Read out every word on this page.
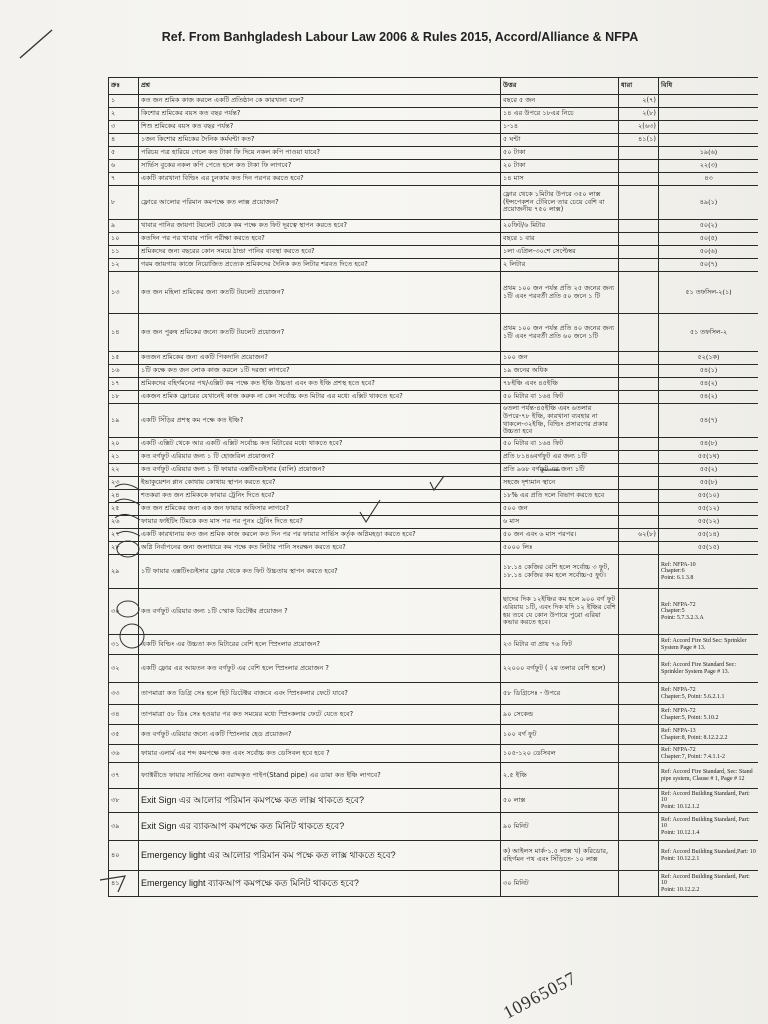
Ref. From Banhgladesh Labour Law 2006 & Rules 2015, Accord/Alliance & NFPA
ক্রঃ	প্রশ্ন	উত্তর	ধারা	বিধি
১	কত জন শ্রমিক কাজ করলে একটি প্রতিষ্ঠান কে কারখানা বলে?	বছরে ৫ জন	২(৭)	
২	কিশোর শ্রমিকের বয়স কত বছর পর্যন্ত?	১৪ এর উপরে ১৮এর নিচে	২(৮)	
৩	শিশু শ্রমিকের বয়স কত বছর পর্যন্ত?	১-১৪	২(৬৩)	
৪	১জন কিশোর শ্রমিকের দৈনিক কর্মঘন্টা কত?	৫ ঘন্টা	৪১(১)	
৫	পরিচয় পত্র হারিয়ে গেলে কত টাকা ফি দিয়ে নকল কপি পাওয়া যাবে?	৫০ টাকা		১৯(৬)
৬	সার্ভিস বুকের নকল কপি পেতে হলে কত টাকা ফি লাগবে?	২০ টাকা		২২(৩)
৭	একটি কারখানা বিল্ডিং এর চুনকাম কত দিন পরপর করতে হবে?	১৪ মাস		৪৩
৮	ফ্লোরে আলোর পরিমান কমপক্ষে কত লাক্স প্রয়োজন?	ফ্লোর থেকে ১মিটার উপরে ৩৫০ লাক্স (ইন্সপেকশন টেবিলে তার চেয়ে বেশি বা প্রয়োজনীয় ৭৫০ লাক্স)		৪৯(১)
৯	খাবার পানির জায়গা টয়লেট থেকে কম পক্ষে কত ফিট দূরত্বে স্থাপন করতে হবে?	২০ফিট/৬ মিটার		৫০(২)
১০	কতদিন পর পর খাবার পানি পরীক্ষা করতে হবে?	বছরে ১ বার		৫০(৫)
১১	শ্রমিকদের জন্য বছরের কোন সময়ে ঠান্ডা পানির ব্যবস্থা করতে হবে?	১লা এপ্রিল-৩০শে সেপ্টেম্বর		৫০(৬)
১২	গরম জায়গায় কাজে নিয়োজিত প্রত্যেক শ্রমিকদের দৈনিক কত লিটার শরবত দিতে হবে?	২ লিটার		৫০(৭)
১৩	কত জন মহিলা শ্রমিকের জন্য কতটি টয়লেট প্রয়োজন?	প্রথম ১০০ জন পর্যন্ত প্রতি ২৫ জনের জন্য ১টি এবং পরবর্তী প্রতি ৫০ জনে ১ টি		৫১ তফসিল-২(১)
১৪	কত জন পুরুষ শ্রমিকের জন্যে কতটি টয়লেট প্রয়োজন?	প্রথম ১০০ জন পর্যন্ত প্রতি ৪০ জনের জন্য ১টি এবং পরবর্তী প্রতি ৬০ জনে ১টি		৫১ তফসিল-২
১৫	কতজন শ্রমিকের জন্য একটি পিকদানি প্রয়োজন?	১০০ জন		৫২(১ক)
১৬	১টি কক্ষে কত জন লোক কাজ করলে ১টি দরজা লাগবে?	১৯ জনের অধিক		৫৪(১)
১৭	শ্রমিকদের বহির্গমনের পথ/এক্সিট কম পক্ষে কত ইঞ্চি উচ্চতা এবং কত ইঞ্চি প্রশস্থ হতে হবে?	৭৮ইঞ্চি এবং ৪৫ইঞ্চি		৫৪(২)
১৮	একজন শ্রমিক ফ্লোরের যেখানেই কাজ করুক না কেন সর্বোচ্চ কত মিটার এর মধ্যে এক্সিট থাকতে হবে?	৫০ মিটার বা ১৬৪ ফিট		৫৪(২)
১৯	একটি সিঁড়ির প্রশস্থ কম পক্ষে কত ইঞ্চি?	৬তলা পর্যন্ত-৪৫ইঞ্চি এবং ৬তলার উপরে-৭৮ ইঞ্চি, কারখানা ব্যবহার না থাকলে-৩২ইঞ্চি, বিল্ডিং প্রসারণের প্রকার উচ্চতা হবে		৫৪(৭)
২০	একটি এক্সিট থেকে আর একটি এক্সিট সর্বোচ্চ কত মিটারের মধ্যে থাকতে হবে?	৫০ মিটার বা ১৬৪ ফিট		৫৪(৮)
২১	কত বর্গফুট এরিয়ার জন্য ১ টি হোজরিল প্রয়োজন?	প্রতি ৮১৪৬বর্গফুট এর জন্য ১টি		৫৫(১ঘ)
২২	কত বর্গফুট এরিয়ার জন্য ১ টি ফায়ার এক্সটিংগুইসার (বালি) প্রয়োজন?	প্রতি ৯৬৮ বর্গফুট এর জন্য ১টি		৫৫(২)
২৩	ইভাকুয়েশন প্লান কোথায় কোথায় স্থাপন করতে হবে?	সহজে দৃশ্যমান স্থানে		৫৫(৮)
২৪	শতকরা কত জন শ্রমিককে ফায়ার ট্রেনিং দিতে হবে?	১৮% এর প্রতি দলে বিভাগ করতে হবে		৫৫(১০)
২৫	কত জন শ্রমিকের জন্য এক জন ফায়ার অফিসার লাগবে?	৫০০ জন		৫৫(১২)
২৬	ফায়ার ফাইটিং টিমকে কত মাস পর পর পুনঃ ট্রেনিং দিতে হবে?	৬ মাস		৫৫(১২)
২৭	একটি কারখানায় কত জন শ্রমিক কাজ করলে কত দিন পর পর ফায়ার সার্ভিস কর্তৃক অগ্নিমহড়া করতে হবে?	৫০ জন এবং ৬ মাস পরপর।	৬২(৮)	৫৫(১৪)
২৮	অগ্নি নির্বাপনের জন্য জলাধারে কম পক্ষে কত লিটার পানি সংরক্ষন করতে হবে?	৫০০০ লিঃ		৫৫(১৫)
২৯	১টি ফায়ার এক্সটিংগুইসার ফ্লোর থেকে কত ফিট উচ্চতায় স্থাপন করতে হবে?	১৮.১৪ কেজির বেশি হলে সর্বোচ্চ ৩ ফুট, ১৮.১৪ কেজির কম হলে সর্বোচ্চ-৫ ফুট।		Ref: NFPA-10
Chapter:6
Point: 6.1.3.8
৩০	কত বর্গফুট এরিয়ার জন্য ১টি স্মোক ডিটেক্টর প্রয়োজন ?	ছাদের দিক ১২ইঞ্চির কম হলে ৯০০ বর্গ ফুট এরিয়ায় ১টি, এবং দিক যদি ১২ ইঞ্চির বেশি হয় তবে যে কোন উপায়ে পুরো এরিয়া কভার করতে হবে।		Ref: NFPA-72
Chapter:5
Point: 5.7.3.2.3.A
৩১	একটি বিল্ডিং এর উচ্চতা কত মিটারের বেশি হলে স্প্রিংলার প্রয়োজন?	২৩ মিটার বা প্রায় ৭৬ ফিট		Ref: Accord Fire Std Sec: Sprinkler System Page # 13.
৩২	একটি ফ্লোর এর আয়তন কত বর্গফুট এর বেশি হলে স্প্রিংলার প্রয়োজন ?	২২০০০ বর্গফুট ( ২য় তলার বেশি হলে)		Ref: Accord Fire Standard Sec: Sprinkler System Page # 13.
৩৩	তাপমাত্রা কত ডিগ্রি সেঃ হলে হিট ডিটেক্টর বাজবে এবং স্প্রিংকলার ফেটে যাবে?	৫৮ ডিগ্রিসেঃ - উপরে		Ref: NFPA-72
Chapter:5, Point: 5.6.2.1.1
৩৪	তাপমাত্রা ৫৮ ডিঃ সেঃ হওয়ার পর কত সময়ের মধ্যে স্প্রিংকলার ফেটে যেতে হবে?	৯০ সেকেন্ড		Ref: NFPA-72
Chapter:5, Point: 5.10.2
৩৫	কত বর্গফুট এরিয়ার জন্যে একটি স্প্রিংলার হেড প্রয়োজন?	১০০ বর্গ ফুট		Ref: NFPA-13
Chapter:8, Point: 8.12.2.2.2
৩৬	ফায়ার এলার্ম এর শব্দ কমপক্ষে কত এবং সর্বোচ্চ কত ডেসিবল হবে হবে ?	১০৫-১২০ ডেসিবল		Ref: NFPA-72
Chapter:7, Point: 7.4.1.1-2
৩৭	ফ্যাক্টরীতে ফায়ার সার্ভিসের জন্য বরাদ্দকৃত পাইপ(Stand pipe) এর ডায়া কত ইঞ্চি লাগবে?	২.৫ ইঞ্চি		Ref: Accord Fire Standard, Sec: Stand pipe system, Clause # 1, Page # 12
৩৮	Exit Sign এর আলোর পরিমান কমপক্ষে কত লাক্স থাকতে হবে?	৫০ লাক্স		Ref: Accord Building Standard, Part: 10
Point: 10.12.1.2
৩৯	Exit Sign এর ব্যাকআপ কমপক্ষে কত মিনিট থাকতে হবে?	৯০ মিনিট		Ref: Accord Building Standard, Part: 10
Point: 10.12.1.4
৪০	Emergency light এর আলোর পরিমান কম পক্ষে কত লাক্স থাকতে হবে?	ক) আইলস মার্ক-১.৫ লাক্স খ) করিডোর, বহির্গমন পথ এবং সিঁড়িতে- ১০ লাক্স		Ref: Accord Building Standard,Part: 10
Point: 10.12.2.1
৪১	Emergency light ব্যাকআপ কমপক্ষে কত মিনিট থাকতে হবে?	৩০ মিনিট		Ref: Accord Building Standard, Part: 10
Point: 10.12.2.2
10965057
